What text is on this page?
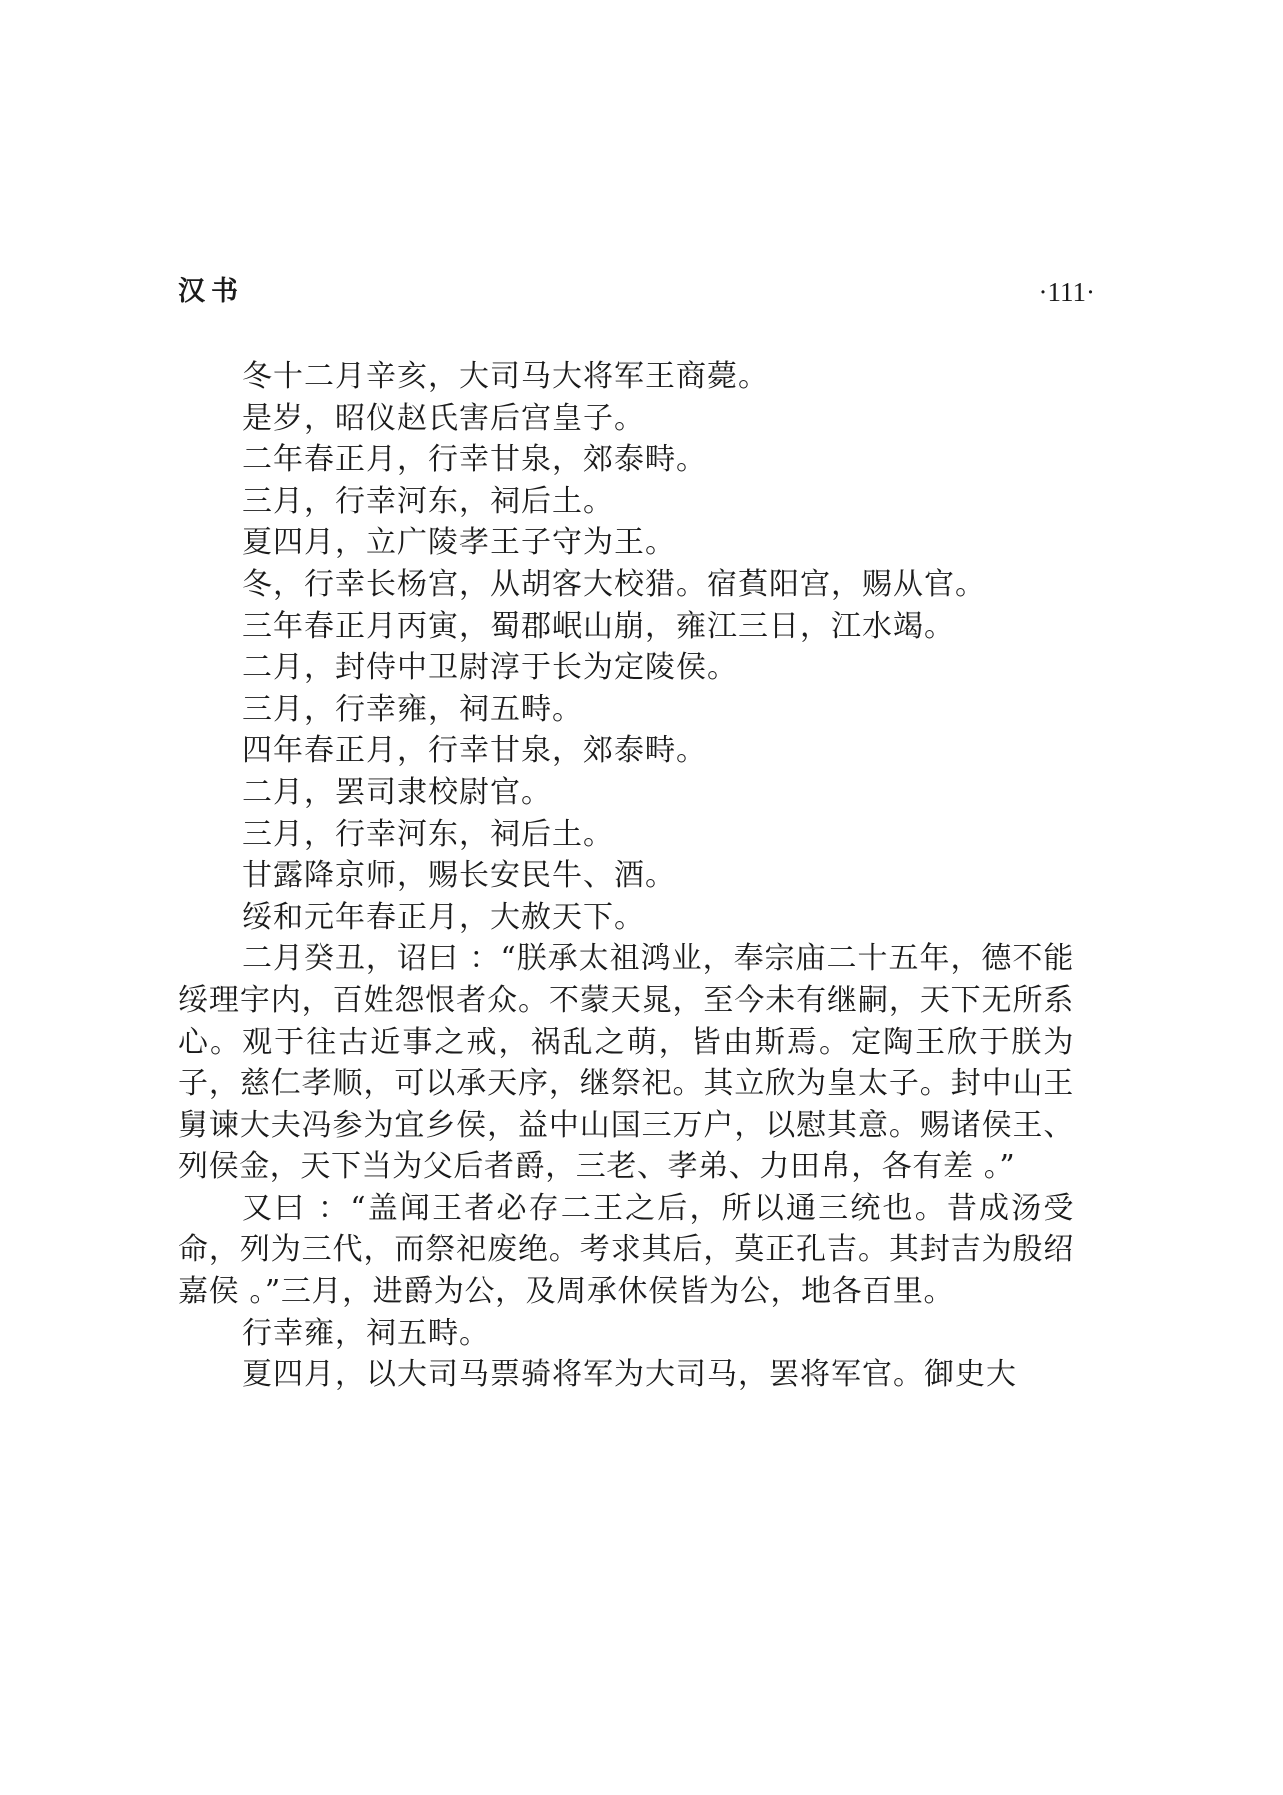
汉书	·111·

冬十二月辛亥，大司马大将军王商薨。

是岁，昭仪赵氏害后宫皇子。

二年春正月，行幸甘泉，郊泰畤。

三月，行幸河东，祠后土。

夏四月，立广陵孝王子守为王。

冬，行幸长杨宫，从胡客大校猎。宿萯阳宫，赐从官。

三年春正月丙寅，蜀郡岷山崩，雍江三日，江水竭。

二月，封侍中卫尉淳于长为定陵侯。

三月，行幸雍，祠五畤。

四年春正月，行幸甘泉，郊泰畤。

二月，罢司隶校尉官。

三月，行幸河东，祠后土。

甘露降京师，赐长安民牛、酒。

绥和元年春正月，大赦天下。

二月癸丑，诏曰 ：“朕承太祖鸿业，奉宗庙二十五年，德不能绥理宇内，百姓怨恨者众。不蒙天晁，至今未有继嗣，天下无所系心。观于往古近事之戒，祸乱之萌，皆由斯焉。定陶王欣于朕为子，慈仁孝顺，可以承天序，继祭祀。其立欣为皇太子。封中山王舅谏大夫冯参为宜乡侯，益中山国三万户，以慰其意。赐诸侯王、列侯金，天下当为父后者爵，三老、孝弟、力田帛，各有差 。”

又曰 ：“盖闻王者必存二王之后，所以通三统也。昔成汤受命，列为三代，而祭祀废绝。考求其后，莫正孔吉。其封吉为殷绍嘉侯 。”三月，进爵为公，及周承休侯皆为公，地各百里。

行幸雍，祠五畤。

夏四月，以大司马票骑将军为大司马，罢将军官。御史大
